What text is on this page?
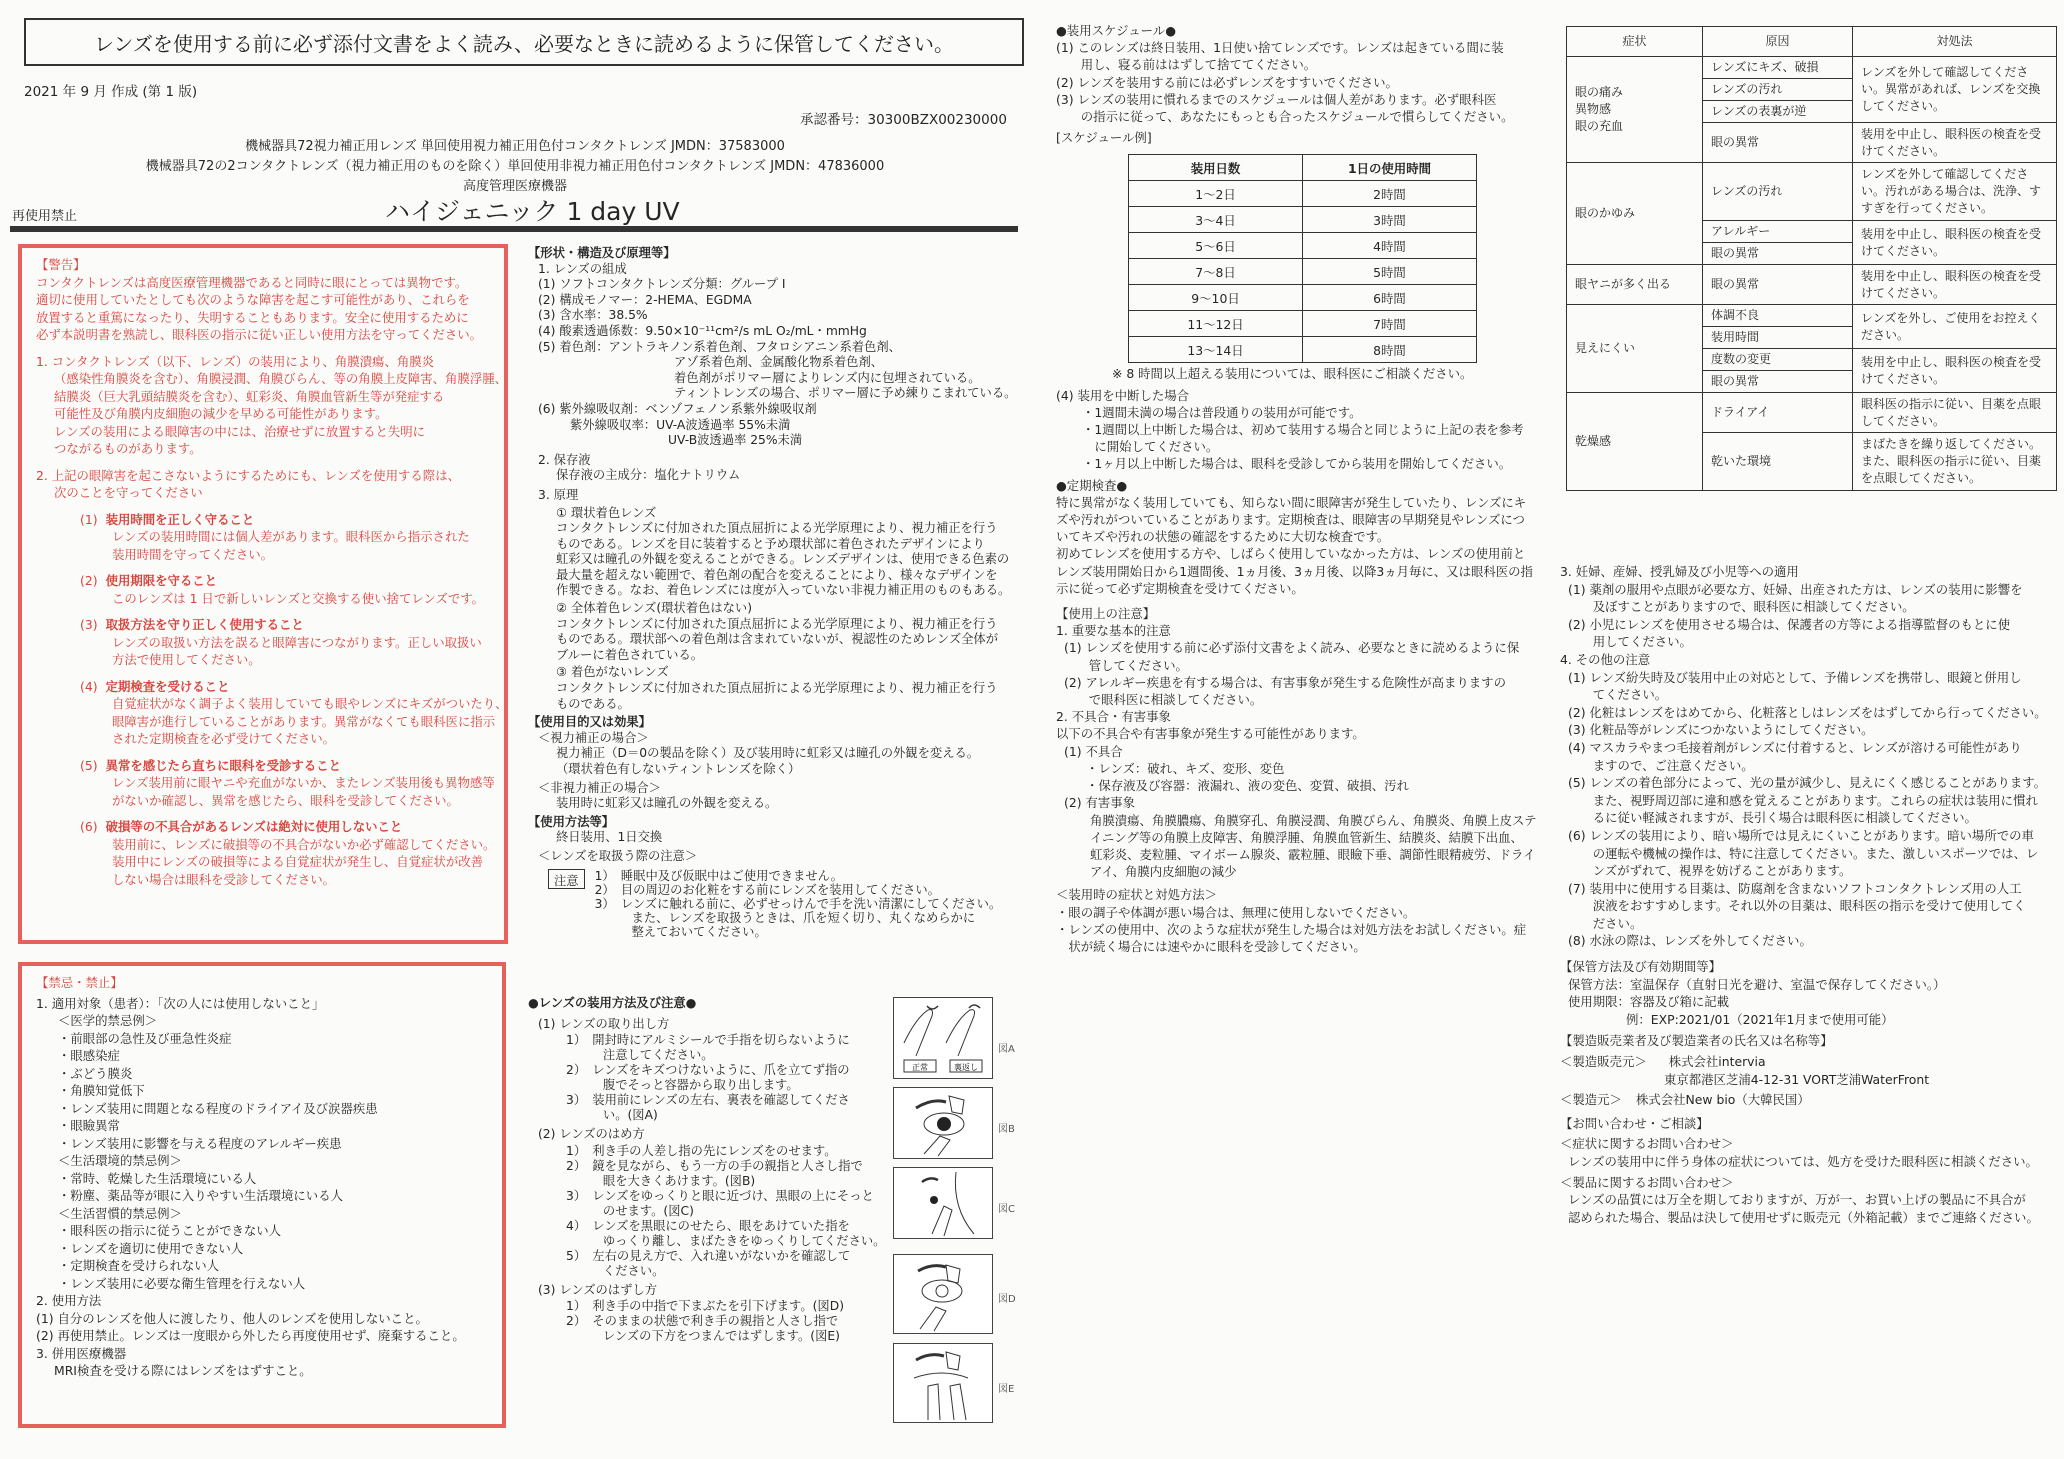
レンズを使用する前に必ず添付文書をよく読み、必要なときに読めるように保管してください。
2021 年 9 月 作成 (第 1 版)
承認番号：30300BZX00230000
機械器具72視力補正用レンズ 単回使用視力補正用色付コンタクトレンズ JMDN：37583000
機械器具72の2コンタクトレンズ（視力補正用のものを除く）単回使用非視力補正用色付コンタクトレンズ JMDN：47836000
高度管理医療機器
再使用禁止	ハイジェニック 1 day UV
【警告】
コンタクトレンズは高度医療管理機器であると同時に眼にとっては異物です。
適切に使用していたとしても次のような障害を起こす可能性があり、これらを
放置すると重篤になったり、失明することもあります。安全に使用するために
必ず本説明書を熟読し、眼科医の指示に従い正しい使用方法を守ってください。
1. コンタクトレンズ（以下、レンズ）の装用により、角膜潰瘍、角膜炎
（感染性角膜炎を含む）、角膜浸潤、角膜びらん、等の角膜上皮障害、角膜浮腫、
結膜炎（巨大乳頭結膜炎を含む）、虹彩炎、角膜血管新生等が発症する
可能性及び角膜内皮細胞の減少を早める可能性があります。
レンズの装用による眼障害の中には、治療せずに放置すると失明に
つながるものがあります。
2. 上記の眼障害を起こさないようにするためにも、レンズを使用する際は、
次のことを守ってください
(1) 装用時間を正しく守ること
レンズの装用時間には個人差があります。眼科医から指示された
装用時間を守ってください。
(2) 使用期限を守ること
このレンズは 1 日で新しいレンズと交換する使い捨てレンズです。
(3) 取扱方法を守り正しく使用すること
レンズの取扱い方法を誤ると眼障害につながります。正しい取扱い
方法で使用してください。
(4) 定期検査を受けること
自覚症状がなく調子よく装用していても眼やレンズにキズがついたり、
眼障害が進行していることがあります。異常がなくても眼科医に指示
された定期検査を必ず受けてください。
(5) 異常を感じたら直ちに眼科を受診すること
レンズ装用前に眼ヤニや充血がないか、またレンズ装用後も異物感等
がないか確認し、異常を感じたら、眼科を受診してください。
(6) 破損等の不具合があるレンズは絶対に使用しないこと
装用前に、レンズに破損等の不具合がないか必ず確認してください。
装用中にレンズの破損等による自覚症状が発生し、自覚症状が改善
しない場合は眼科を受診してください。
【禁忌・禁止】
1. 適用対象（患者）：「次の人には使用しないこと」
＜医学的禁忌例＞
・前眼部の急性及び亜急性炎症
・眼感染症
・ぶどう膜炎
・角膜知覚低下
・レンズ装用に問題となる程度のドライアイ及び涙器疾患
・眼瞼異常
・レンズ装用に影響を与える程度のアレルギー疾患
＜生活環境的禁忌例＞
・常時、乾燥した生活環境にいる人
・粉塵、薬品等が眼に入りやすい生活環境にいる人
＜生活習慣的禁忌例＞
・眼科医の指示に従うことができない人
・レンズを適切に使用できない人
・定期検査を受けられない人
・レンズ装用に必要な衛生管理を行えない人
2. 使用方法
(1) 自分のレンズを他人に渡したり、他人のレンズを使用しないこと。
(2) 再使用禁止。レンズは一度眼から外したら再度使用せず、廃棄すること。
3. 併用医療機器
MRI検査を受ける際にはレンズをはずすこと。
【形状・構造及び原理等】
1. レンズの組成
(1) ソフトコンタクトレンズ分類：グループ I
(2) 構成モノマー：2-HEMA、EGDMA
(3) 含水率：38.5%
(4) 酸素透過係数：9.50×10⁻¹¹cm²/s mL O₂/mL・mmHg
(5) 着色剤：アントラキノン系着色剤、フタロシアニン系着色剤、
アゾ系着色剤、金属酸化物系着色剤、
着色剤がポリマー層によりレンズ内に包埋されている。
ティントレンズの場合、ポリマー層に予め練りこまれている。
(6) 紫外線吸収剤：ベンゾフェノン系紫外線吸収剤
紫外線吸収率：UV-A波透過率 55%未満
UV-B波透過率 25%未満
2. 保存液
保存液の主成分：塩化ナトリウム
3. 原理
① 環状着色レンズ
コンタクトレンズに付加された頂点屈折による光学原理により、視力補正を行う
ものである。レンズを目に装着すると予め環状部に着色されたデザインにより
虹彩又は瞳孔の外観を変えることができる。レンズデザインは、使用できる色素の
最大量を超えない範囲で、着色剤の配合を変えることにより、様々なデザインを
作製できる。なお、着色レンズには度が入っていない非視力補正用のものもある。
② 全体着色レンズ(環状着色はない)
コンタクトレンズに付加された頂点屈折による光学原理により、視力補正を行う
ものである。環状部への着色剤は含まれていないが、視認性のためレンズ全体が
ブルーに着色されている。
③ 着色がないレンズ
コンタクトレンズに付加された頂点屈折による光学原理により、視力補正を行う
ものである。
【使用目的又は効果】
＜視力補正の場合＞
視力補正（D＝0の製品を除く）及び装用時に虹彩又は瞳孔の外観を変える。
（環状着色有しないティントレンズを除く）
＜非視力補正の場合＞
装用時に虹彩又は瞳孔の外観を変える。
【使用方法等】
終日装用、1日交換
＜レンズを取扱う際の注意＞
注意	1）　睡眠中及び仮眠中はご使用できません。
2）　目の周辺のお化粧をする前にレンズを装用してください。
3）　レンズに触れる前に、必ずせっけんで手を洗い清潔にしてください。
　　　また、レンズを取扱うときは、爪を短く切り、丸くなめらかに
　　　整えておいてください。
●レンズの装用方法及び注意●
(1) レンズの取り出し方
1）　開封時にアルミシールで手指を切らないように
　　　注意してください。
2）　レンズをキズつけないように、爪を立てず指の
　　　腹でそっと容器から取り出します。
3）　装用前にレンズの左右、裏表を確認してくださ
　　　い。(図A)
(2) レンズのはめ方
1）　利き手の人差し指の先にレンズをのせます。
2）　鏡を見ながら、もう一方の手の親指と人さし指で
　　　眼を大きくあけます。(図B)
3）　レンズをゆっくりと眼に近づけ、黒眼の上にそっと
　　　のせます。(図C)
4）　レンズを黒眼にのせたら、眼をあけていた指を
　　　ゆっくり離し、まばたきをゆっくりしてください。
5）　左右の見え方で、入れ違いがないかを確認して
　　　ください。
(3) レンズのはずし方
1）　利き手の中指で下まぶたを引下げます。(図D)
2）　そのままの状態で利き手の親指と人さし指で
　　　レンズの下方をつまんではずします。(図E)
正常	裏返し
図A
図B
図C
図D
図E
●装用スケジュール●
(1) このレンズは終日装用、1日使い捨てレンズです。レンズは起きている間に装
　　用し、寝る前ははずして捨ててください。
(2) レンズを装用する前には必ずレンズをすすいでください。
(3) レンズの装用に慣れるまでのスケジュールは個人差があります。必ず眼科医
　　の指示に従って、あなたにもっとも合ったスケジュールで慣らしてください。
[スケジュール例]
装用日数	1日の使用時間
1～2日	2時間
3～4日	3時間
5～6日	4時間
7～8日	5時間
9～10日	6時間
11～12日	7時間
13～14日	8時間
※ 8 時間以上超える装用については、眼科医にご相談ください。
(4) 装用を中断した場合
・1週間未満の場合は普段通りの装用が可能です。
・1週間以上中断した場合は、初めて装用する場合と同じように上記の表を参考
　に開始してください。
・1ヶ月以上中断した場合は、眼科を受診してから装用を開始してください。
●定期検査●
特に異常がなく装用していても、知らない間に眼障害が発生していたり、レンズにキ
ズや汚れがついていることがあります。定期検査は、眼障害の早期発見やレンズにつ
いてキズや汚れの状態の確認をするために大切な検査です。
初めてレンズを使用する方や、しばらく使用していなかった方は、レンズの使用前と
レンズ装用開始日から1週間後、1ヵ月後、3ヵ月後、以降3ヵ月毎に、又は眼科医の指
示に従って必ず定期検査を受けてください。
【使用上の注意】
1. 重要な基本的注意
(1) レンズを使用する前に必ず添付文書をよく読み、必要なときに読めるように保
　　管してください。
(2) アレルギー疾患を有する場合は、有害事象が発生する危険性が高まりますの
　　で眼科医に相談してください。
2. 不具合・有害事象
以下の不具合や有害事象が発生する可能性があります。
(1) 不具合
・レンズ：破れ、キズ、変形、変色
・保存液及び容器：液漏れ、液の変色、変質、破損、汚れ
(2) 有害事象
角膜潰瘍、角膜膿瘍、角膜穿孔、角膜浸潤、角膜びらん、角膜炎、角膜上皮ステ
イニング等の角膜上皮障害、角膜浮腫、角膜血管新生、結膜炎、結膜下出血、
虹彩炎、麦粒腫、マイボーム腺炎、霰粒腫、眼瞼下垂、調節性眼精疲労、ドライ
アイ、角膜内皮細胞の減少
＜装用時の症状と対処方法＞
・眼の調子や体調が悪い場合は、無理に使用しないでください。
・レンズの使用中、次のような症状が発生した場合は対処方法をお試しください。症
　状が続く場合には速やかに眼科を受診してください。
症状	原因	対処法
眼の痛み
異物感
眼の充血	レンズにキズ、破損	レンズを外して確認してください。異常があれば、レンズを交換してください。
	レンズの汚れ	
	レンズの表裏が逆	
	眼の異常	装用を中止し、眼科医の検査を受けてください。
眼のかゆみ	レンズの汚れ	レンズを外して確認してください。汚れがある場合は、洗浄、すすぎを行ってください。
	アレルギー	装用を中止し、眼科医の検査を受けてください。
	眼の異常	
眼ヤニが多く出る	眼の異常	装用を中止し、眼科医の検査を受けてください。
見えにくい	体調不良	レンズを外し、ご使用をお控えください。
	装用時間	
	度数の変更	装用を中止し、眼科医の検査を受けてください。
	眼の異常	
乾燥感	ドライアイ	眼科医の指示に従い、目薬を点眼してください。
	乾いた環境	まばたきを繰り返してください。また、眼科医の指示に従い、目薬を点眼してください。
3. 妊婦、産婦、授乳婦及び小児等への適用
(1) 薬剤の服用や点眼が必要な方、妊婦、出産された方は、レンズの装用に影響を
　　及ぼすことがありますので、眼科医に相談してください。
(2) 小児にレンズを使用させる場合は、保護者の方等による指導監督のもとに使
　　用してください。
4. その他の注意
(1) レンズ紛失時及び装用中止の対応として、予備レンズを携帯し、眼鏡と併用し
　　てください。
(2) 化粧はレンズをはめてから、化粧落としはレンズをはずしてから行ってください。
(3) 化粧品等がレンズにつかないようにしてください。
(4) マスカラやまつ毛接着剤がレンズに付着すると、レンズが溶ける可能性があり
　　ますので、ご注意ください。
(5) レンズの着色部分によって、光の量が減少し、見えにくく感じることがあります。
　　また、視野周辺部に違和感を覚えることがあります。これらの症状は装用に慣れ
　　るに従い軽減されますが、長引く場合は眼科医に相談してください。
(6) レンズの装用により、暗い場所では見えにくいことがあります。暗い場所での車
　　の運転や機械の操作は、特に注意してください。また、激しいスポーツでは、レ
　　ンズがずれて、視界を妨げることがあります。
(7) 装用中に使用する目薬は、防腐剤を含まないソフトコンタクトレンズ用の人工
　　涙液をおすすめします。それ以外の目薬は、眼科医の指示を受けて使用してく
　　ださい。
(8) 水泳の際は、レンズを外してください。
【保管方法及び有効期間等】
保管方法：室温保存（直射日光を避け、室温で保存してください。）
使用期限：容器及び箱に記載
例：EXP:2021/01（2021年1月まで使用可能）
【製造販売業者及び製造業者の氏名又は名称等】
＜製造販売元＞ 株式会社intervia
東京都港区芝浦4-12-31 VORT芝浦WaterFront
＜製造元＞ 株式会社New bio（大韓民国）
【お問い合わせ・ご相談】
＜症状に関するお問い合わせ＞
レンズの装用中に伴う身体の症状については、処方を受けた眼科医に相談ください。
＜製品に関するお問い合わせ＞
レンズの品質には万全を期しておりますが、万が一、お買い上げの製品に不具合が
認められた場合、製品は決して使用せずに販売元（外箱記載）までご連絡ください。
